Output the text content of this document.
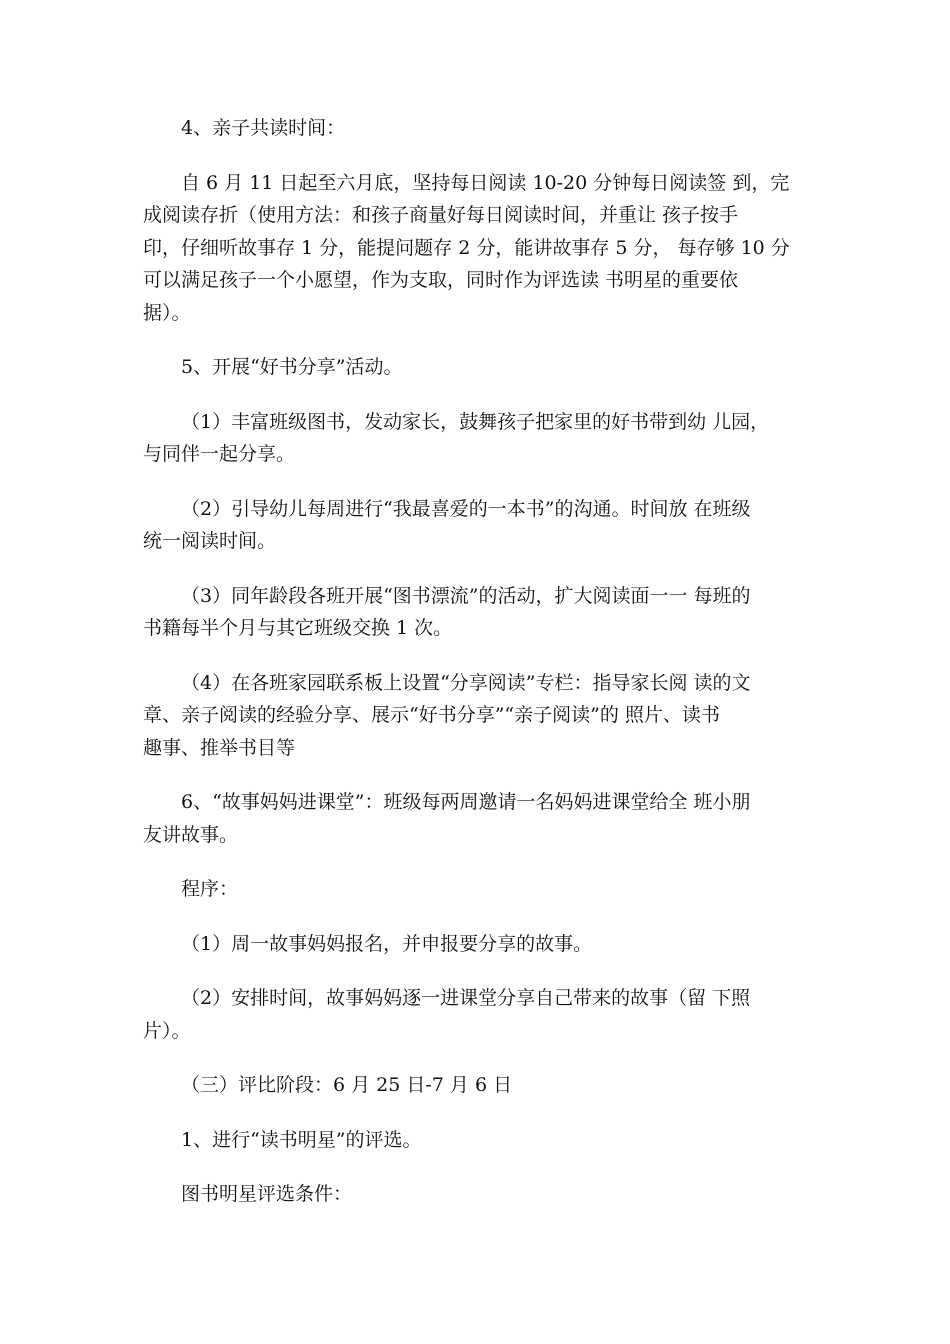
4、亲子共读时间：

自 6 月 11 日起至六月底，坚持每日阅读 10-20 分钟每日阅读签 到，完
成阅读存折（使用方法：和孩子商量好每日阅读时间，并重让 孩子按手
印，仔细听故事存 1 分，能提问题存 2 分，能讲故事存 5 分， 每存够 10 分
可以满足孩子一个小愿望，作为支取，同时作为评选读 书明星的重要依
据）。

5、开展“好书分享”活动。

（1）丰富班级图书，发动家长，鼓舞孩子把家里的好书带到幼 儿园，
与同伴一起分享。

（2）引导幼儿每周进行“我最喜爱的一本书”的沟通。时间放 在班级
统一阅读时间。

（3）同年龄段各班开展“图书漂流”的活动，扩大阅读面一一 每班的
书籍每半个月与其它班级交换 1 次。

（4）在各班家园联系板上设置“分享阅读”专栏：指导家长阅 读的文
章、亲子阅读的经验分享、展示“好书分享”“亲子阅读”的 照片、读书
趣事、推举书目等

6、“故事妈妈进课堂”：班级每两周邀请一名妈妈进课堂给全 班小朋
友讲故事。

程序：

（1）周一故事妈妈报名，并申报要分享的故事。

（2）安排时间，故事妈妈逐一进课堂分享自己带来的故事（留 下照
片）。

（三）评比阶段：6 月 25 日-7 月 6 日

1、进行“读书明星”的评选。

图书明星评选条件：
